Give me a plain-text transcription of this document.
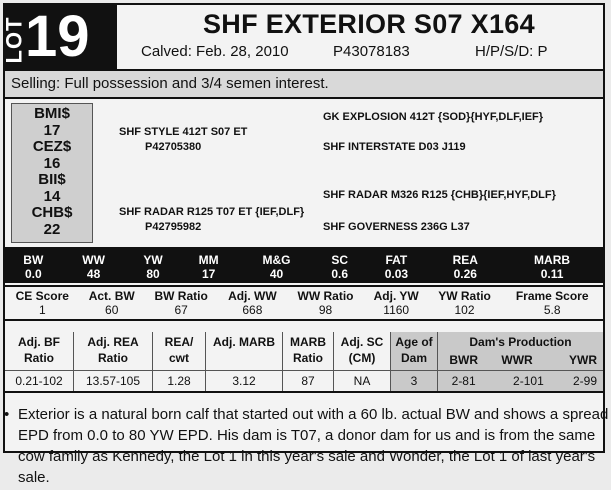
LOT
19	SHF EXTERIOR S07 X164
Calved: Feb. 28, 2010	P43078183	H/P/S/D: P
Selling: Full possession and 3/4 semen interest.
BMI$
17
CEZ$
16
BII$
14
CHB$
22
GK EXPLOSION 412T {SOD}{HYF,DLF,IEF}
SHF STYLE 412T S07 ET
P42705380	SHF INTERSTATE D03 J119
SHF RADAR M326 R125 {CHB}{IEF,HYF,DLF}
SHF RADAR R125 T07 ET {IEF,DLF}
P42795982	SHF GOVERNESS 236G L37
BW	WW	YW	MM	M&G	SC	FAT	REA	MARB
0.0	48	80	17	40	0.6	0.03	0.26	0.11
CE Score	Act. BW	BW Ratio	Adj. WW	WW Ratio	Adj. YW	YW Ratio	Frame Score
1	60	67	668	98	1160	102	5.8
Adj. BF
Ratio	Adj. REA
Ratio	REA/
cwt	Adj. MARB	MARB
Ratio	Adj. SC
(CM)	Age of
Dam	Dam's Production		
							BWR	WWR	YWR
0.21-102	13.57-105	1.28	3.12	87	NA	3	2-81	2-101	2-99
• Exterior is a natural born calf that started out with a 60 lb. actual BW and shows a spread EPD from 0.0 to 80 YW EPD. His dam is T07, a donor dam for us and is from the same cow family as Kennedy, the Lot 1 in this year's sale and Wonder, the Lot 1 of last year's sale.
